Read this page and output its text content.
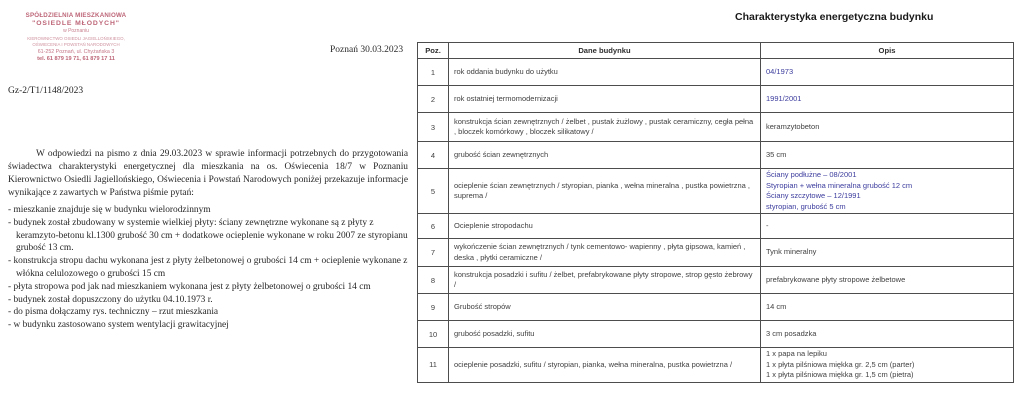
SPÓŁDZIELNIA MIESZKANIOWA
"OSIEDLE MŁODYCH"
w Poznaniu
KIEROWNICTWO OSIEDLI JAGIELLOŃSKIEGO,
OŚWIECENIA I POWSTAŃ NARODOWYCH
61-252 Poznań, ul. Chyżańska 3
tel. 61 879 19 71, 61 879 17 11
Poznań 30.03.2023
Gz-2/T1/1148/2023

W odpowiedzi na pismo z dnia 29.03.2023 w sprawie informacji potrzebnych do przygotowania świadectwa charakterystyki energetycznej dla mieszkania na os. Oświecenia 18/7 w Poznaniu Kierownictwo Osiedli Jagiellońskiego, Oświecenia i Powstań Narodowych poniżej przekazuje informacje wynikające z zawartych w Państwa piśmie pytań:

- mieszkanie znajduje się w budynku wielorodzinnym
- budynek został zbudowany w systemie wielkiej płyty: ściany zewnętrzne wykonane są z płyty z keramzyto-betonu kl.1300 grubość 30 cm + dodatkowe ocieplenie wykonane w roku 2007 ze styropianu grubość 13 cm.
- konstrukcja stropu dachu wykonana jest z płyty żelbetonowej o grubości 14 cm + ocieplenie wykonane z włókna celulozowego o grubości 15 cm
- płyta stropowa pod jak nad mieszkaniem wykonana jest z płyty żelbetonowej o grubości 14 cm
- budynek został dopuszczony do użytku 04.10.1973 r.
- do pisma dołączamy rys. techniczny – rzut mieszkania
- w budynku zastosowano system wentylacji grawitacyjnej
Charakterystyka energetyczna budynku
Poz.	Dane budynku	Opis
1	rok oddania budynku do użytku	04/1973

2	rok ostatniej termomodernizacji	1991/2001

3	konstrukcja ścian zewnętrznych / żelbet , pustak żużlowy , pustak ceramiczny, cegła pełna , bloczek komórkowy , bloczek silikatowy /	keramzytobeton

4	grubość ścian zewnętrznych	35 cm

5	ocieplenie ścian zewnętrznych / styropian, pianka , wełna mineralna , pustka powietrzna , suprema /	Ściany podłużne – 08/2001
Styropian + wełna mineralna grubość 12 cm
Ściany szczytowe – 12/1991
styropian, grubość 5 cm

6	Ocieplenie stropodachu	-

7	wykończenie ścian zewnętrznych / tynk cementowo- wapienny , płyta gipsowa, kamień , deska , płytki ceramiczne /	Tynk mineralny

8	konstrukcja posadzki i sufitu / żelbet, prefabrykowane płyty stropowe, strop gęsto żebrowy /	prefabrykowane płyty stropowe żelbetowe

9	Grubość stropów	14 cm

10	grubość posadzki, sufitu	3 cm posadzka

11	ocieplenie posadzki, sufitu / styropian, pianka, wełna mineralna, pustka powietrzna /	1 x papa na lepiku
1 x płyta pilśniowa miękka gr. 2,5 cm (parter)
1 x płyta pilśniowa miękka gr. 1,5 cm (pietra)
